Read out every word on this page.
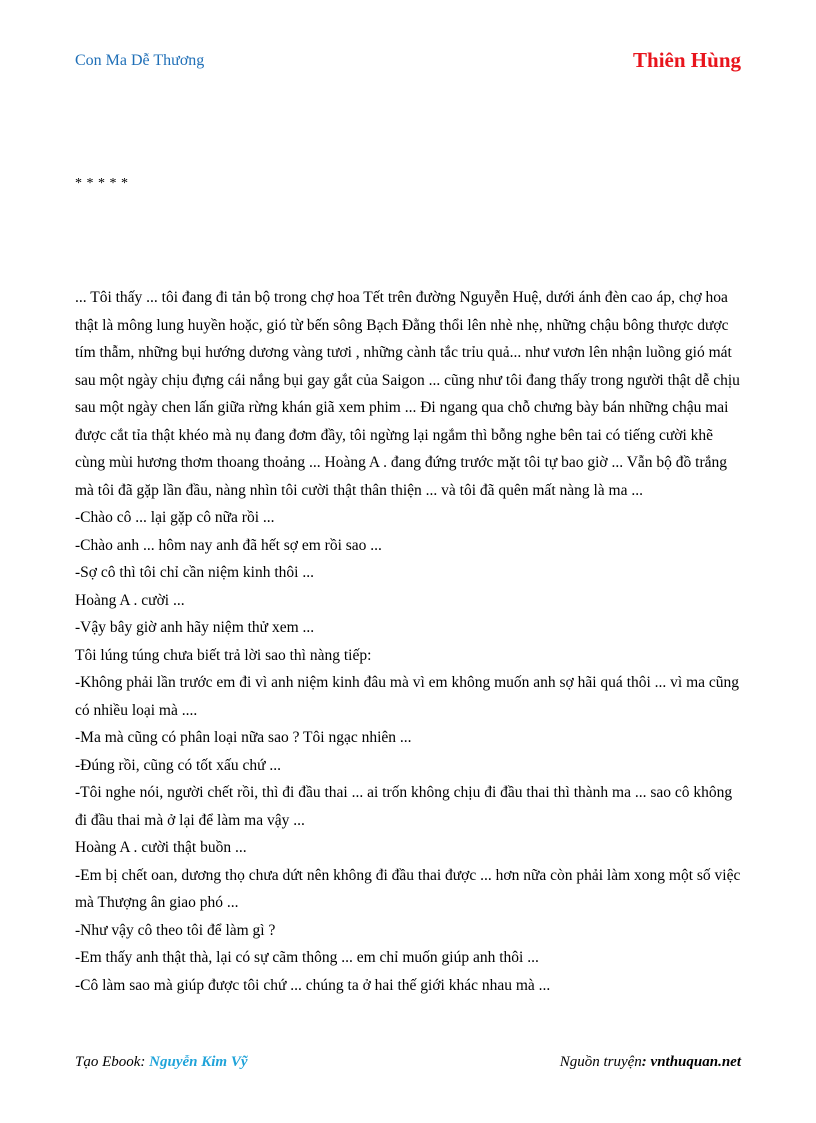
Con Ma Dễ Thương	Thiên Hùng
* * * * *

... Tôi thấy ... tôi đang đi tản bộ trong chợ hoa Tết trên đường Nguyễn Huệ, dưới ánh đèn cao áp, chợ hoa thật là mông lung huyền hoặc, gió từ bến sông Bạch Đằng thổi lên nhè nhẹ, những chậu bông thược dược tím thẫm, những bụi hướng dương vàng tươi , những cành tắc trỉu quả... như vươn lên nhận luồng gió mát sau một ngày chịu đựng cái nắng bụi gay gắt của Saigon ... cũng như tôi đang thấy trong người thật dễ chịu sau một ngày chen lấn giữa rừng khán giã xem phim ... Đi ngang qua chỗ chưng bày bán những chậu mai được cắt tỉa thật khéo mà nụ đang đơm đầy, tôi ngừng lại ngắm thì bỗng nghe bên tai có tiếng cười khẽ cùng mùi hương thơm thoang thoảng ... Hoàng A . đang đứng trước mặt tôi tự bao giờ ... Vẫn bộ đồ trắng mà tôi đã gặp lần đầu, nàng nhìn tôi cười thật thân thiện ... và tôi đã quên mất nàng là ma ...

-Chào cô ... lại gặp cô nữa rồi ...

-Chào anh ... hôm nay anh đã hết sợ em rồi sao ...

-Sợ cô thì tôi chỉ cần niệm kinh thôi ...

Hoàng A . cười ...

-Vậy bây giờ anh hãy niệm thử xem ...

Tôi lúng túng chưa biết trả lời sao thì nàng tiếp:

-Không phải lần trước em đi vì anh niệm kinh đâu mà vì em không muốn anh sợ hãi quá thôi ... vì ma cũng có nhiều loại mà ....

-Ma mà cũng có phân loại nữa sao ? Tôi ngạc nhiên ...

-Đúng rồi, cũng có tốt xấu chứ ...

-Tôi nghe nói, người chết rồi, thì đi đầu thai ... ai trốn không chịu đi đầu thai thì thành ma ... sao cô không đi đầu thai mà ở lại để làm ma vậy ...

Hoàng A . cười thật buồn ...

-Em bị chết oan, dương thọ chưa dứt nên không đi đầu thai được ... hơn nữa còn phải làm xong một số việc mà Thượng ân giao phó ...

-Như vậy cô theo tôi để làm gì ?

-Em thấy anh thật thà, lại có sự cãm thông ... em chỉ muốn giúp anh thôi ...

-Cô làm sao mà giúp được tôi chứ ... chúng ta ở hai thế giới khác nhau mà ...

Tạo Ebook: Nguyễn Kim Vỹ	Nguồn truyện: vnthuquan.net
